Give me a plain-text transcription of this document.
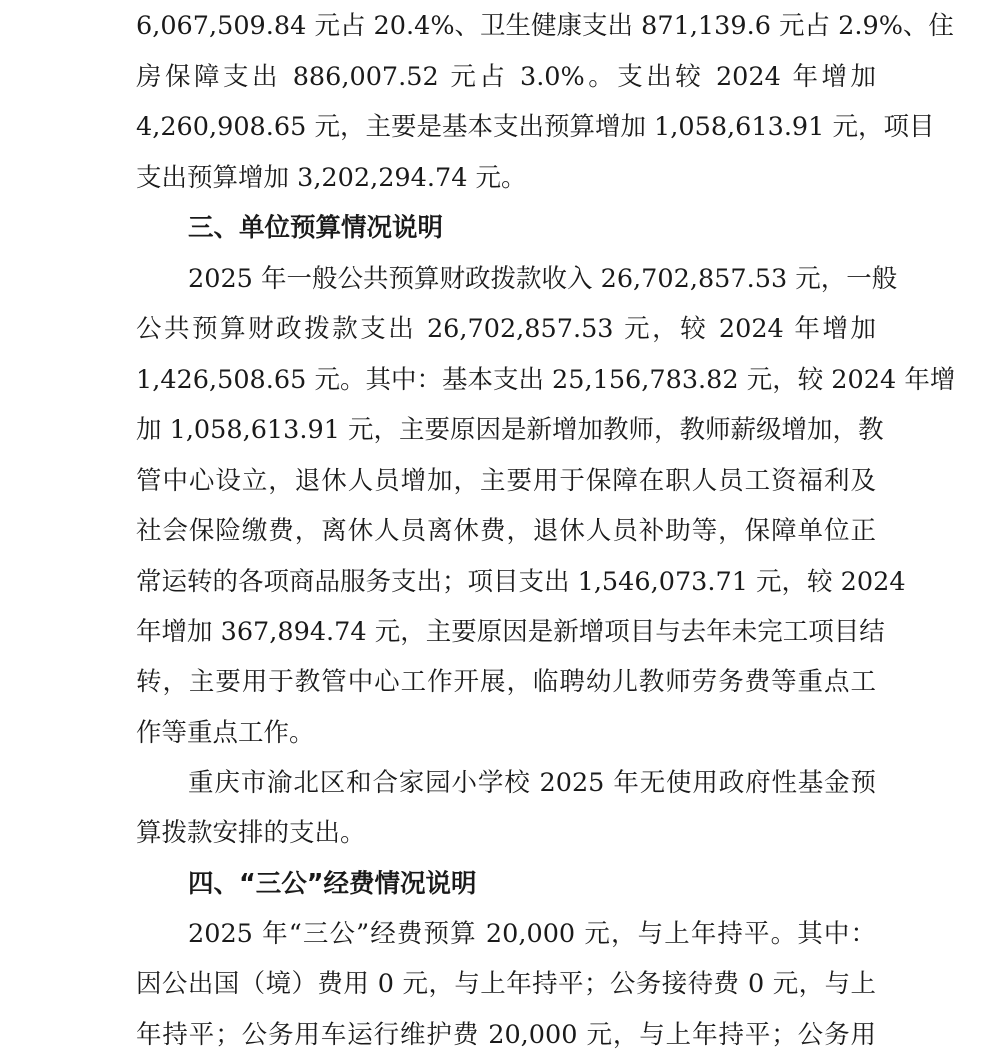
6,067,509.84 元占 20.4%、卫生健康支出 871,139.6 元占 2.9%、住
房保障支出 886,007.52 元占 3.0%。支出较 2024 年增加
4,260,908.65 元，主要是基本支出预算增加 1,058,613.91 元，项目
支出预算增加 3,202,294.74 元。
三、单位预算情况说明
2025 年一般公共预算财政拨款收入 26,702,857.53 元，一般
公共预算财政拨款支出 26,702,857.53 元，较 2024 年增加
1,426,508.65 元。其中：基本支出 25,156,783.82 元，较 2024 年增
加 1,058,613.91 元，主要原因是新增加教师，教师薪级增加，教
管中心设立，退休人员增加，主要用于保障在职人员工资福利及
社会保险缴费，离休人员离休费，退休人员补助等，保障单位正
常运转的各项商品服务支出；项目支出 1,546,073.71 元，较 2024
年增加 367,894.74 元，主要原因是新增项目与去年未完工项目结
转，主要用于教管中心工作开展，临聘幼儿教师劳务费等重点工
作等重点工作。
重庆市渝北区和合家园小学校 2025 年无使用政府性基金预
算拨款安排的支出。
四、“三公”经费情况说明
2025 年“三公”经费预算 20,000 元，与上年持平。其中：
因公出国（境）费用 0 元，与上年持平；公务接待费 0 元，与上
年持平；公务用车运行维护费 20,000 元，与上年持平；公务用
